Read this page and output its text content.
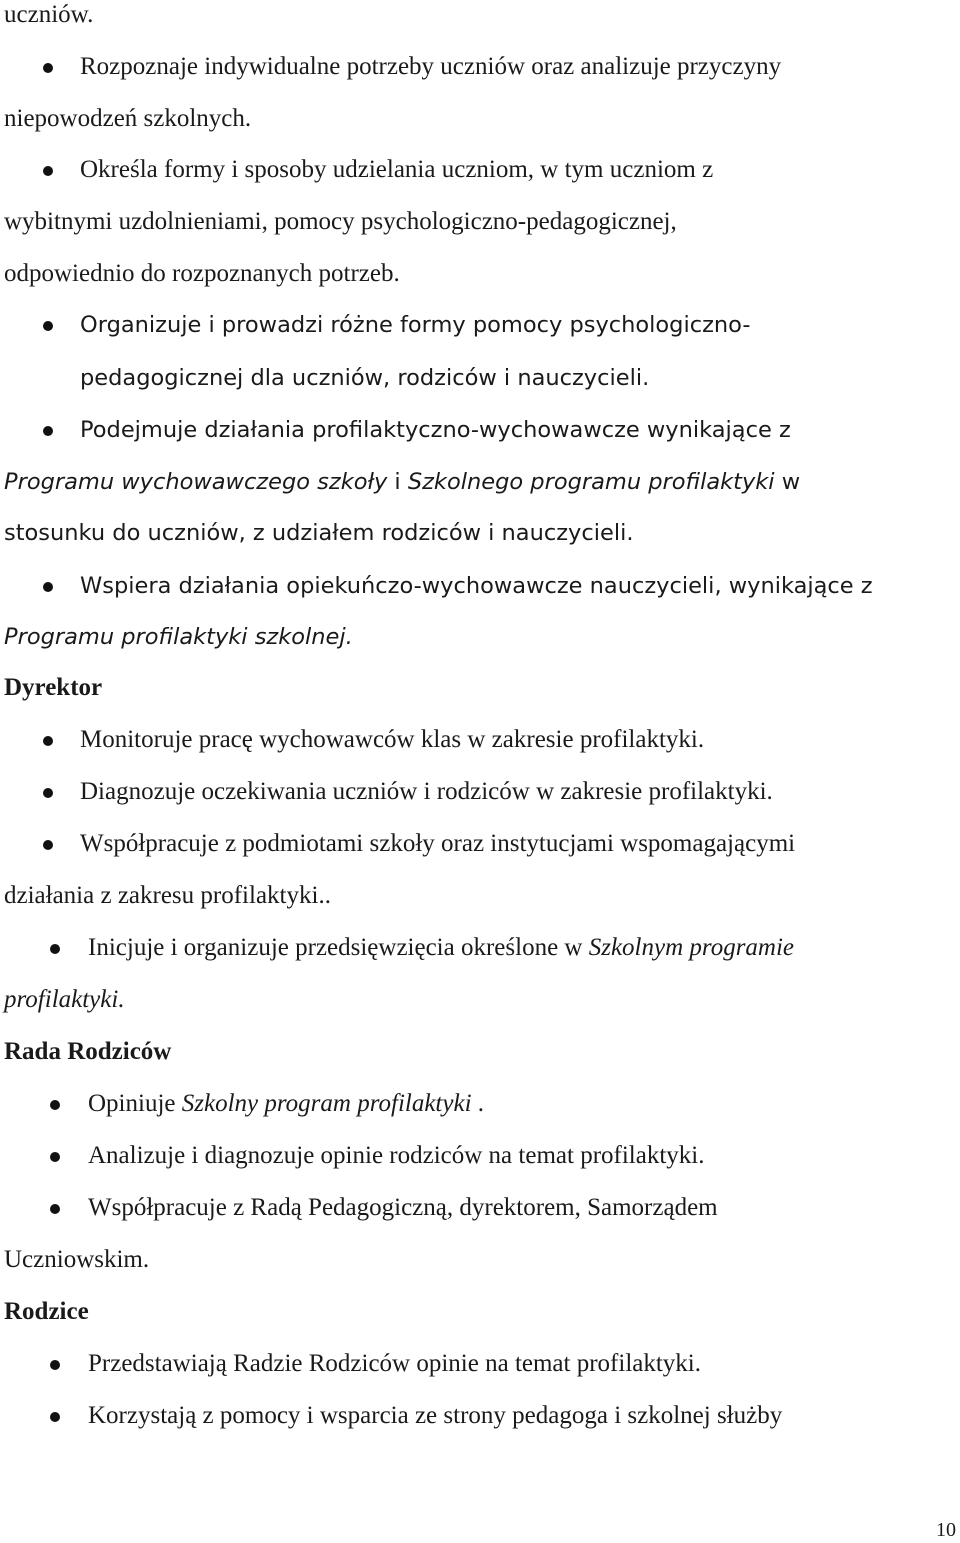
uczniów.
Rozpoznaje indywidualne potrzeby uczniów oraz analizuje przyczyny
niepowodzeń szkolnych.
Określa formy i sposoby udzielania uczniom, w tym uczniom z
wybitnymi uzdolnieniami, pomocy psychologiczno-pedagogicznej,
odpowiednio do rozpoznanych potrzeb.
Organizuje i prowadzi różne formy pomocy psychologiczno-
pedagogicznej dla uczniów, rodziców i nauczycieli.
Podejmuje działania profilaktyczno-wychowawcze wynikające z
Programu wychowawczego szkoły i Szkolnego programu profilaktyki w
stosunku do uczniów, z udziałem rodziców i nauczycieli.
Wspiera działania opiekuńczo-wychowawcze nauczycieli, wynikające z
Programu profilaktyki szkolnej.
Dyrektor
Monitoruje pracę wychowawców klas w zakresie profilaktyki.
Diagnozuje oczekiwania uczniów i rodziców w zakresie profilaktyki.
Współpracuje z podmiotami szkoły oraz instytucjami wspomagającymi
działania z zakresu profilaktyki..
Inicjuje i organizuje przedsięwzięcia określone w Szkolnym programie
profilaktyki.
Rada Rodziców
Opiniuje Szkolny program profilaktyki .
Analizuje i diagnozuje opinie rodziców na temat profilaktyki.
Współpracuje z Radą Pedagogiczną, dyrektorem, Samorządem
Uczniowskim.
Rodzice
Przedstawiają Radzie Rodziców opinie na temat profilaktyki.
Korzystają z pomocy i wsparcia ze strony pedagoga i szkolnej służby
10
